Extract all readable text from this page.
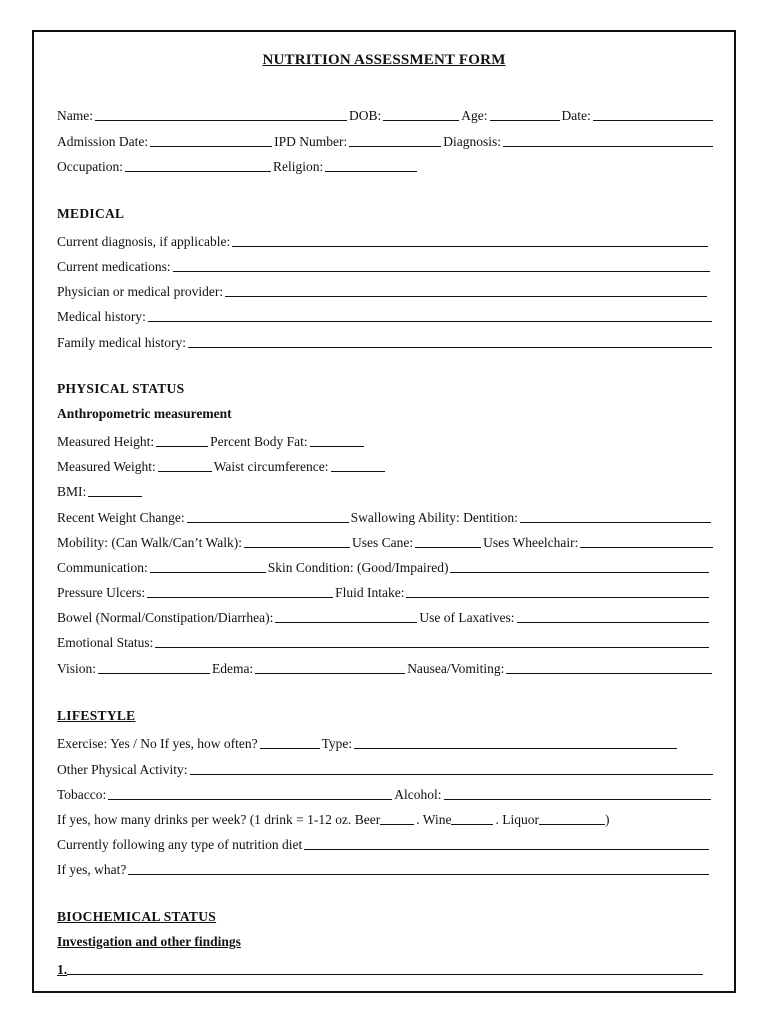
NUTRITION ASSESSMENT FORM
Name:	DOB:	Age:	Date:
Admission Date:	IPD Number:	Diagnosis:
Occupation:	Religion:
MEDICAL
Current diagnosis, if applicable:
Current medications:
Physician or medical provider:
Medical history:
Family medical history:
PHYSICAL STATUS
Anthropometric measurement
Measured Height:	Percent Body Fat:
Measured Weight:	Waist circumference:
BMI:
Recent Weight Change:	Swallowing Ability: Dentition:
Mobility: (Can Walk/Can’t Walk):	Uses Cane:	Uses Wheelchair:
Communication:	Skin Condition: (Good/Impaired)
Pressure Ulcers:	Fluid Intake:
Bowel (Normal/Constipation/Diarrhea):	Use of Laxatives:
Emotional Status:
Vision:	Edema:	Nausea/Vomiting:
LIFESTYLE
Exercise: Yes / No If yes, how often?	Type:
Other Physical Activity:
Tobacco:	Alcohol:
If yes, how many drinks per week? (1 drink = 1-12 oz. Beer	. Wine	. Liquor	)
Currently following any type of nutrition diet
If yes, what?
BIOCHEMICAL STATUS
Investigation and other findings
1.
